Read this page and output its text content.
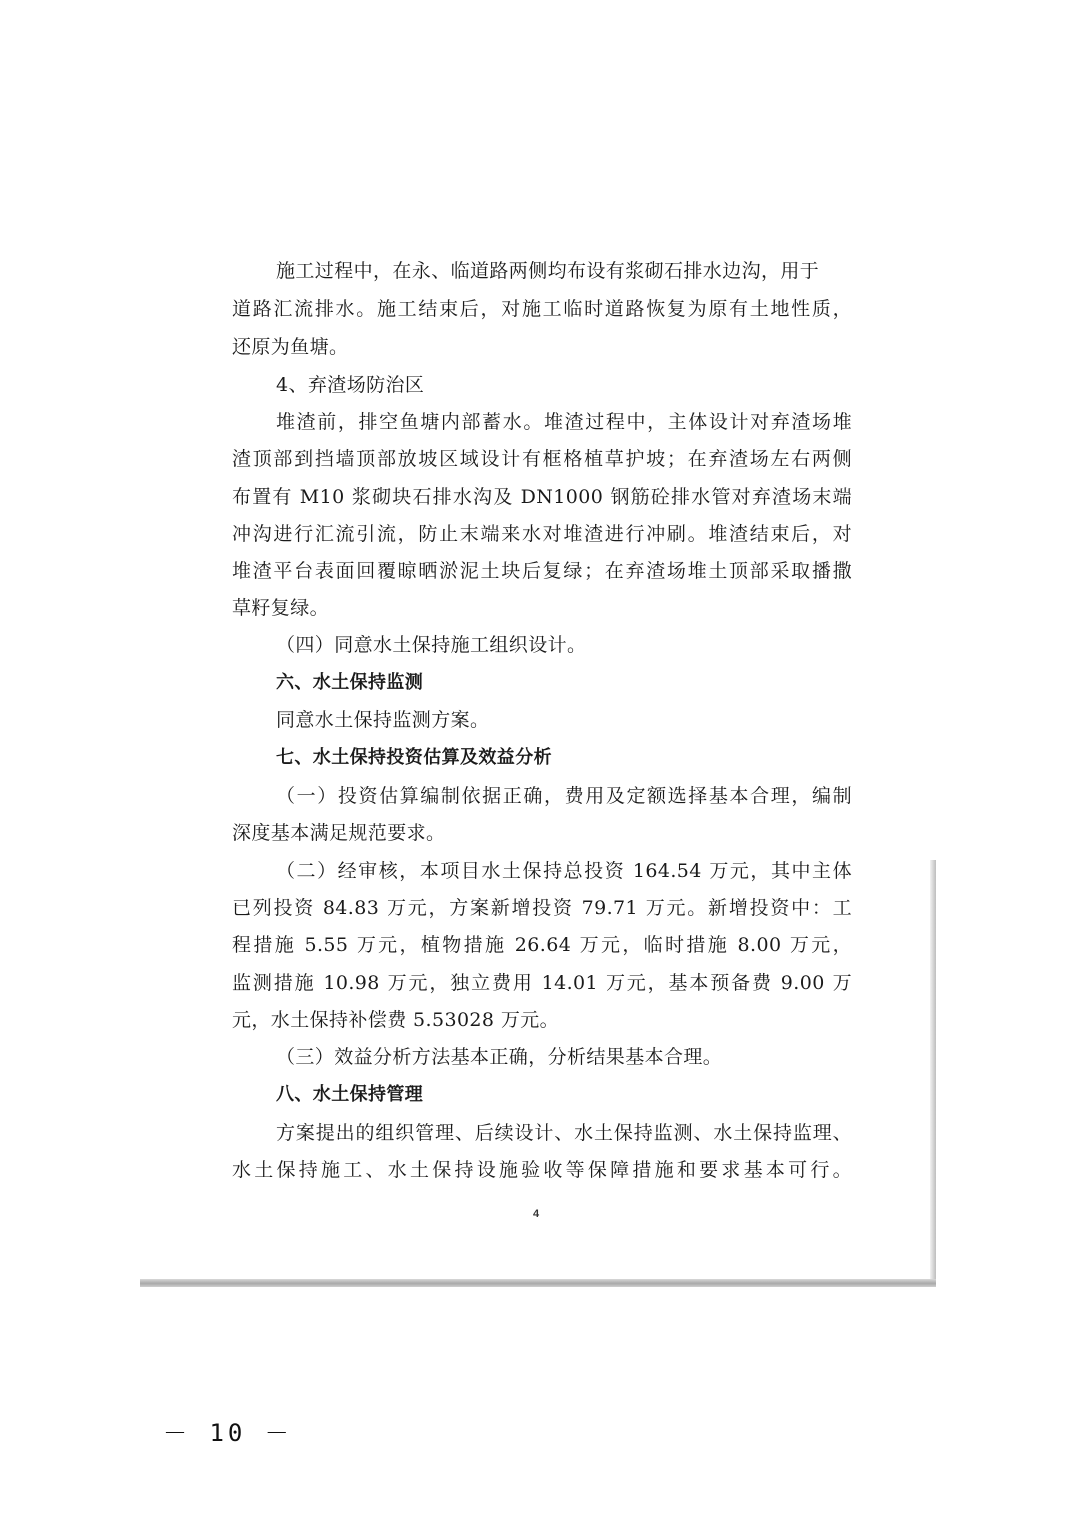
施工过程中，在永、临道路两侧均布设有浆砌石排水边沟，用于
道路汇流排水。施工结束后，对施工临时道路恢复为原有土地性质，
还原为鱼塘。
4、弃渣场防治区
堆渣前，排空鱼塘内部蓄水。堆渣过程中，主体设计对弃渣场堆
渣顶部到挡墙顶部放坡区域设计有框格植草护坡；在弃渣场左右两侧
布置有 M10 浆砌块石排水沟及 DN1000 钢筋砼排水管对弃渣场末端
冲沟进行汇流引流，防止末端来水对堆渣进行冲刷。堆渣结束后，对
堆渣平台表面回覆晾晒淤泥土块后复绿；在弃渣场堆土顶部采取播撒
草籽复绿。
（四）同意水土保持施工组织设计。
六、水土保持监测
同意水土保持监测方案。
七、水土保持投资估算及效益分析
（一）投资估算编制依据正确，费用及定额选择基本合理，编制
深度基本满足规范要求。
（二）经审核，本项目水土保持总投资 164.54 万元，其中主体
已列投资 84.83 万元，方案新增投资 79.71 万元。新增投资中：工
程措施 5.55 万元，植物措施 26.64 万元，临时措施 8.00 万元，
监测措施 10.98 万元，独立费用 14.01 万元，基本预备费 9.00 万
元，水土保持补偿费 5.53028 万元。
（三）效益分析方法基本正确，分析结果基本合理。
八、水土保持管理
方案提出的组织管理、后续设计、水土保持监测、水土保持监理、
水土保持施工、水土保持设施验收等保障措施和要求基本可行。
4
－ 10 －
